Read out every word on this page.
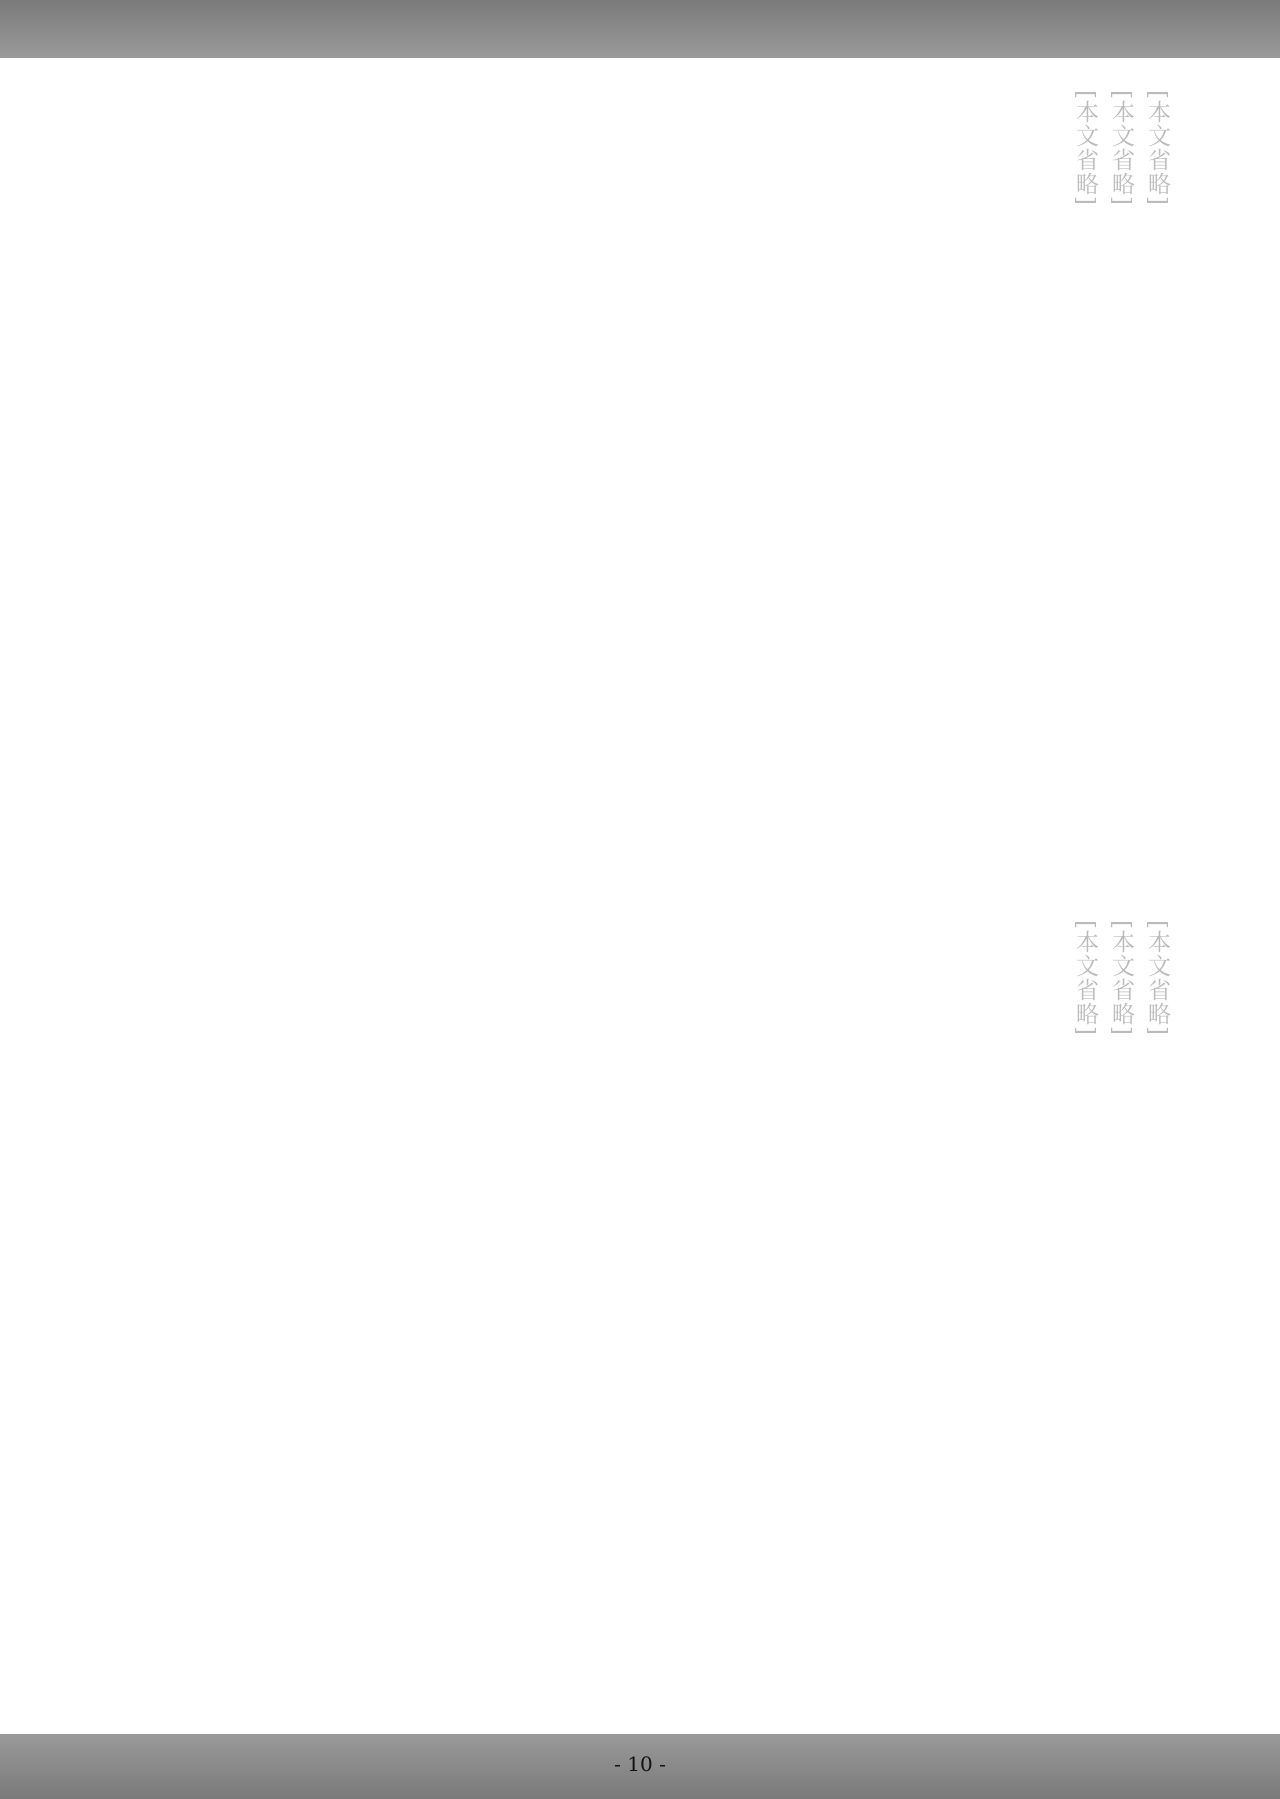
[本文省略]
[本文省略]
[本文省略]
[本文省略]
[本文省略]
[本文省略]
- 10 -
